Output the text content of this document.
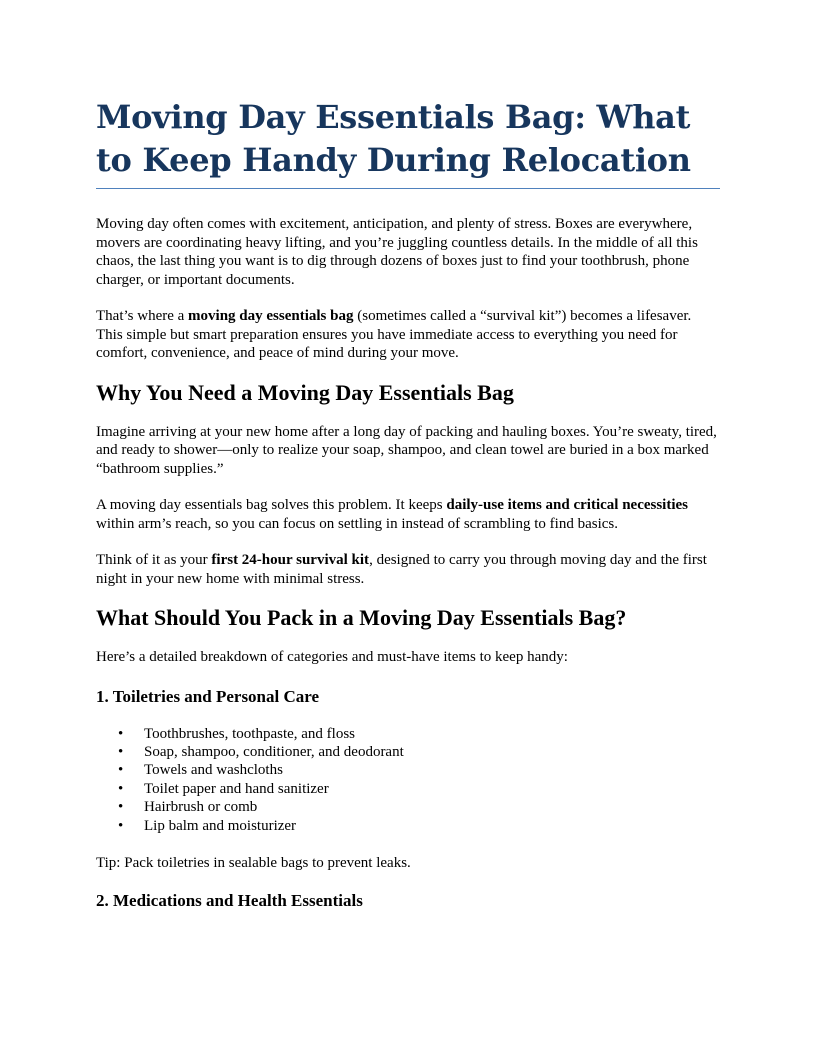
Moving Day Essentials Bag: What to Keep Handy During Relocation

Moving day often comes with excitement, anticipation, and plenty of stress. Boxes are everywhere, movers are coordinating heavy lifting, and you’re juggling countless details. In the middle of all this chaos, the last thing you want is to dig through dozens of boxes just to find your toothbrush, phone charger, or important documents.

That’s where a moving day essentials bag (sometimes called a “survival kit”) becomes a lifesaver. This simple but smart preparation ensures you have immediate access to everything you need for comfort, convenience, and peace of mind during your move.

Why You Need a Moving Day Essentials Bag

Imagine arriving at your new home after a long day of packing and hauling boxes. You’re sweaty, tired, and ready to shower—only to realize your soap, shampoo, and clean towel are buried in a box marked “bathroom supplies.”

A moving day essentials bag solves this problem. It keeps daily-use items and critical necessities within arm’s reach, so you can focus on settling in instead of scrambling to find basics.

Think of it as your first 24-hour survival kit, designed to carry you through moving day and the first night in your new home with minimal stress.

What Should You Pack in a Moving Day Essentials Bag?

Here’s a detailed breakdown of categories and must-have items to keep handy:

1. Toiletries and Personal Care
• Toothbrushes, toothpaste, and floss
• Soap, shampoo, conditioner, and deodorant
• Towels and washcloths
• Toilet paper and hand sanitizer
• Hairbrush or comb
• Lip balm and moisturizer

Tip: Pack toiletries in sealable bags to prevent leaks.

2. Medications and Health Essentials
